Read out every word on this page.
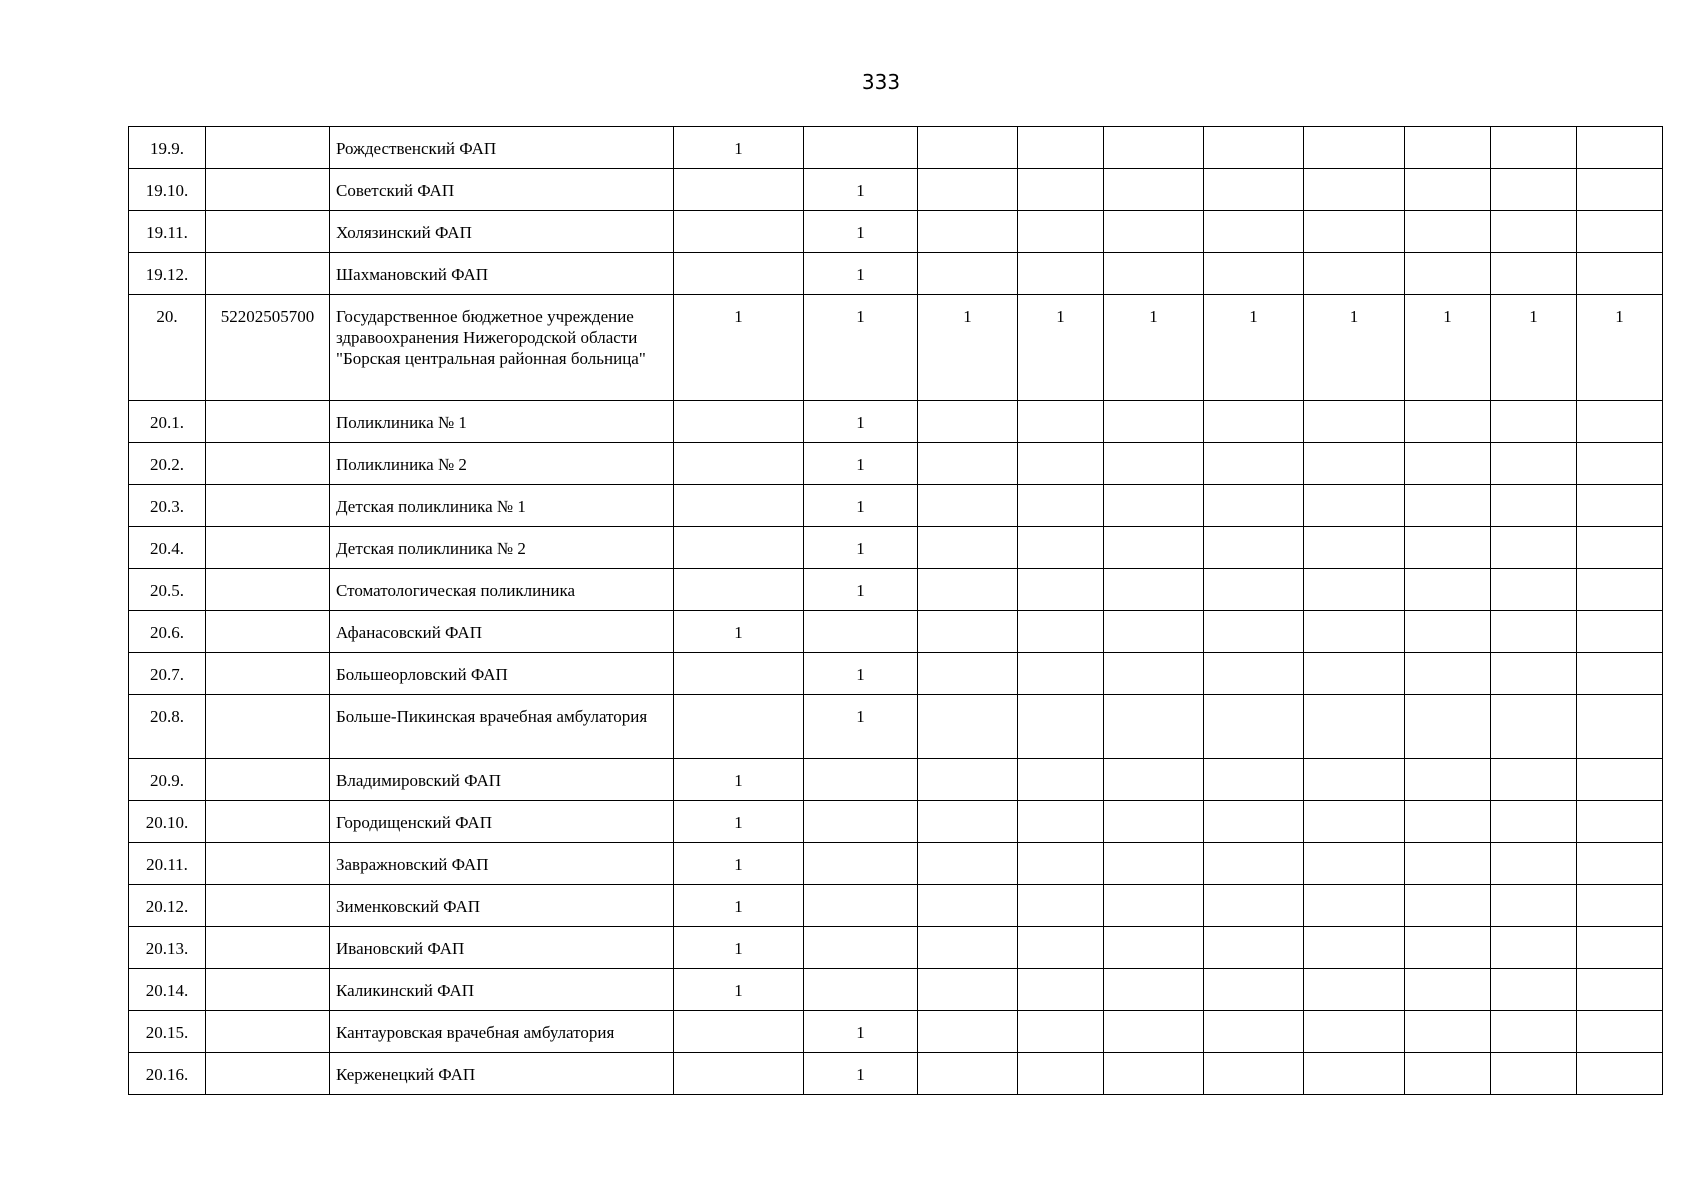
333
19.9.		Рождественский ФАП	1									

19.10.		Советский ФАП		1								

19.11.		Холязинский ФАП		1								

19.12.		Шахмановский ФАП		1								

20.	52202505700	Государственное бюджетное учреждение здравоохранения Нижегородской области "Борская центральная районная больница"	1	1	1	1	1	1	1	1	1	1

20.1.		Поликлиника № 1		1								

20.2.		Поликлиника № 2		1								

20.3.		Детская поликлиника № 1		1								

20.4.		Детская поликлиника № 2		1								

20.5.		Стоматологическая поликлиника		1								

20.6.		Афанасовский ФАП	1									

20.7.		Большеорловский ФАП		1								

20.8.		Больше-Пикинская врачебная амбулатория		1								

20.9.		Владимировский ФАП	1									

20.10.		Городищенский ФАП	1									

20.11.		Завражновский ФАП	1									

20.12.		Зименковский ФАП	1									

20.13.		Ивановский ФАП	1									

20.14.		Каликинский ФАП	1									

20.15.		Кантауровская врачебная амбулатория		1								

20.16.		Керженецкий ФАП		1								
